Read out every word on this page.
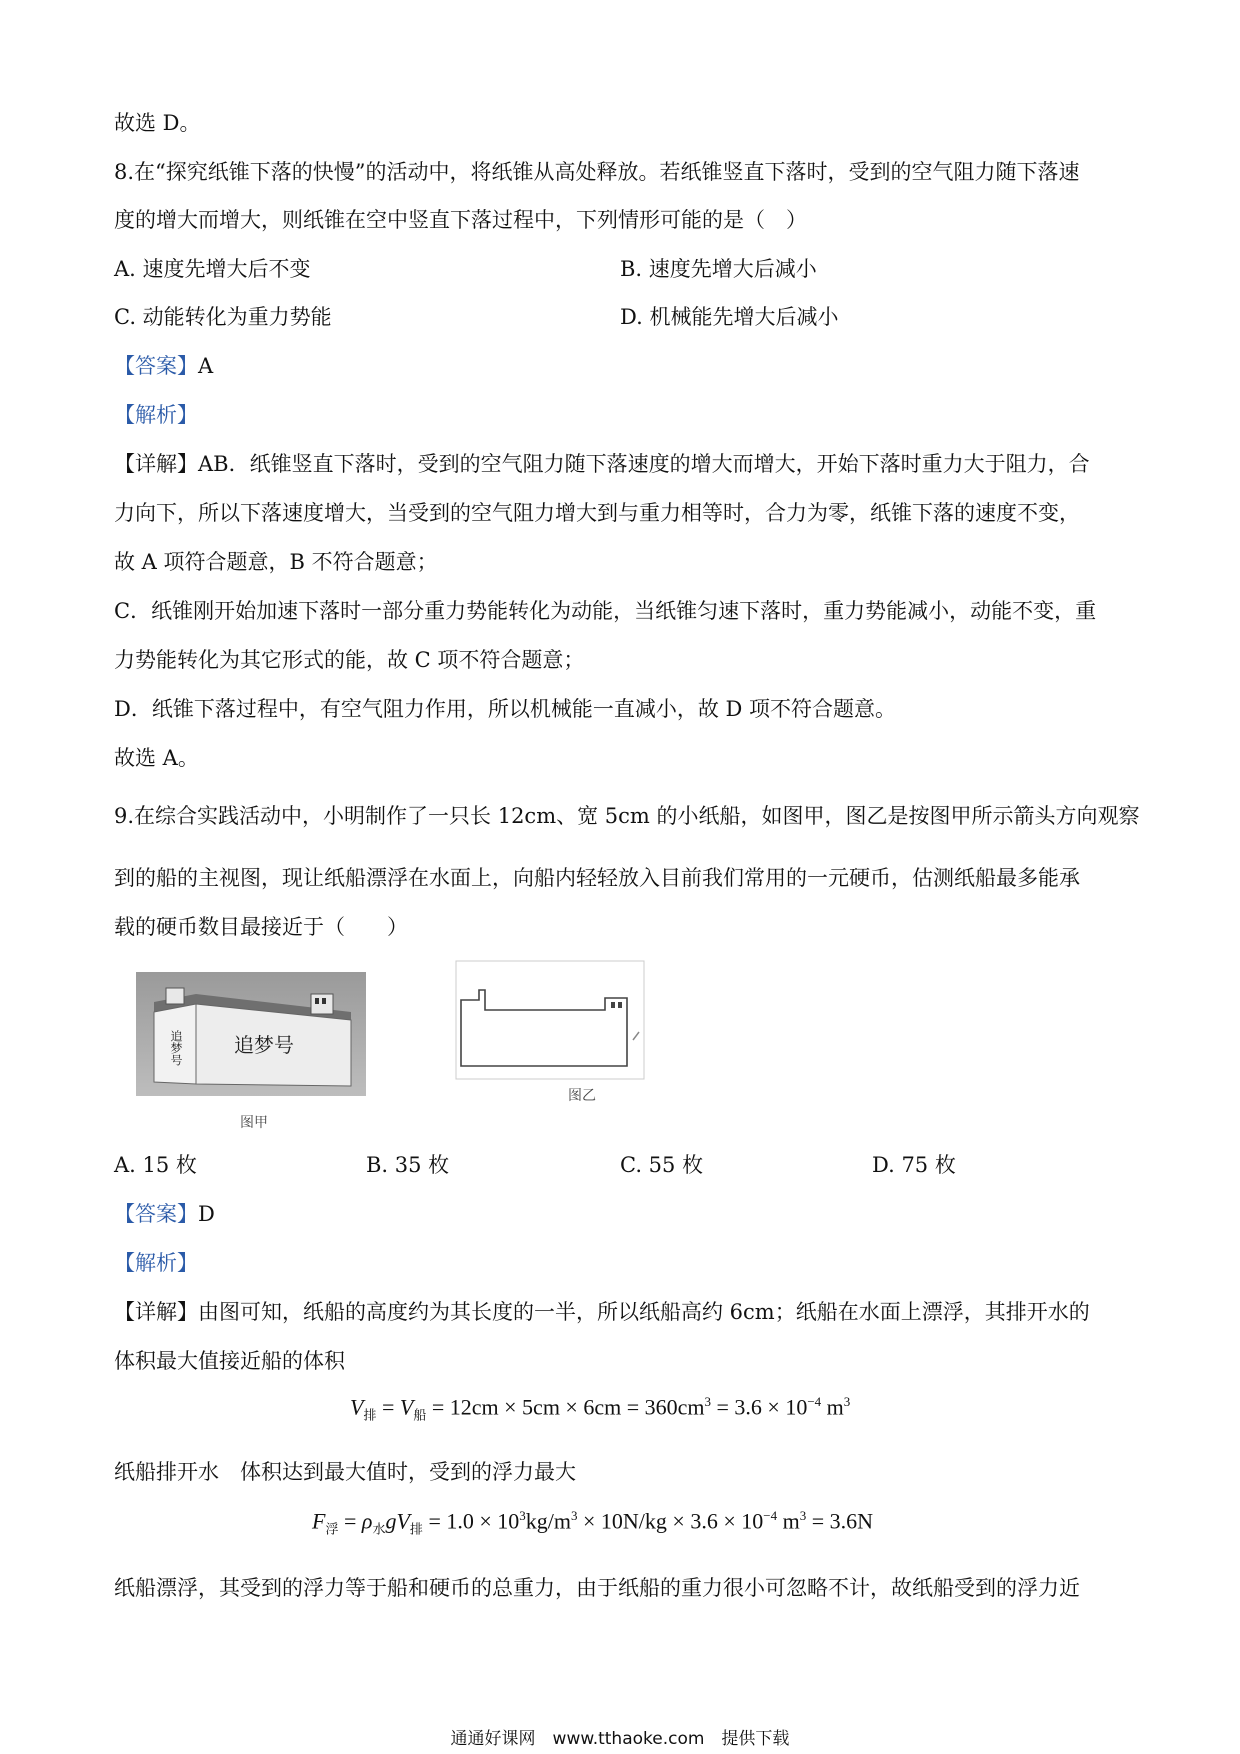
故选 D。
8.在“探究纸锥下落的快慢”的活动中，将纸锥从高处释放。若纸锥竖直下落时，受到的空气阻力随下落速
度的增大而增大，则纸锥在空中竖直下落过程中，下列情形可能的是（　）
A. 速度先增大后不变	B. 速度先增大后减小
C. 动能转化为重力势能	D. 机械能先增大后减小
【答案】A
【解析】
【详解】AB．纸锥竖直下落时，受到的空气阻力随下落速度的增大而增大，开始下落时重力大于阻力，合
力向下，所以下落速度增大，当受到的空气阻力增大到与重力相等时，合力为零，纸锥下落的速度不变，
故 A 项符合题意，B 不符合题意；
C．纸锥刚开始加速下落时一部分重力势能转化为动能，当纸锥匀速下落时，重力势能减小，动能不变，重
力势能转化为其它形式的能，故 C 项不符合题意；
D．纸锥下落过程中，有空气阻力作用，所以机械能一直减小，故 D 项不符合题意。
故选 A。
9.在综合实践活动中，小明制作了一只长 12cm、宽 5cm 的小纸船，如图甲，图乙是按图甲所示箭头方向观察
到的船的主视图，现让纸船漂浮在水面上，向船内轻轻放入目前我们常用的一元硬币，估测纸船最多能承
载的硬币数目最接近于（　　）
追梦号
追梦号
图甲
图乙
A. 15 枚	B. 35 枚	C. 55 枚	D. 75 枚
【答案】D
【解析】
【详解】由图可知，纸船的高度约为其长度的一半，所以纸船高约 6cm；纸船在水面上漂浮，其排开水的
体积最大值接近船的体积
$V_排 = V_船 = 12cm \times 5cm \times 6cm = 360cm^3 = 3.6 \times 10^{-4}$ $m^3$
纸船排开水　体积达到最大值时，受到的浮力最大
$F_浮 = \rho_水gV_排 = 1.0 \times 10^3kg/m^3 \times 10N/kg \times 3.6 \times 10^{-4}$ $m^3 = 3.6N$
纸船漂浮，其受到的浮力等于船和硬币的总重力，由于纸船的重力很小可忽略不计，故纸船受到的浮力近
通通好课网　www.tthaoke.com　提供下载
